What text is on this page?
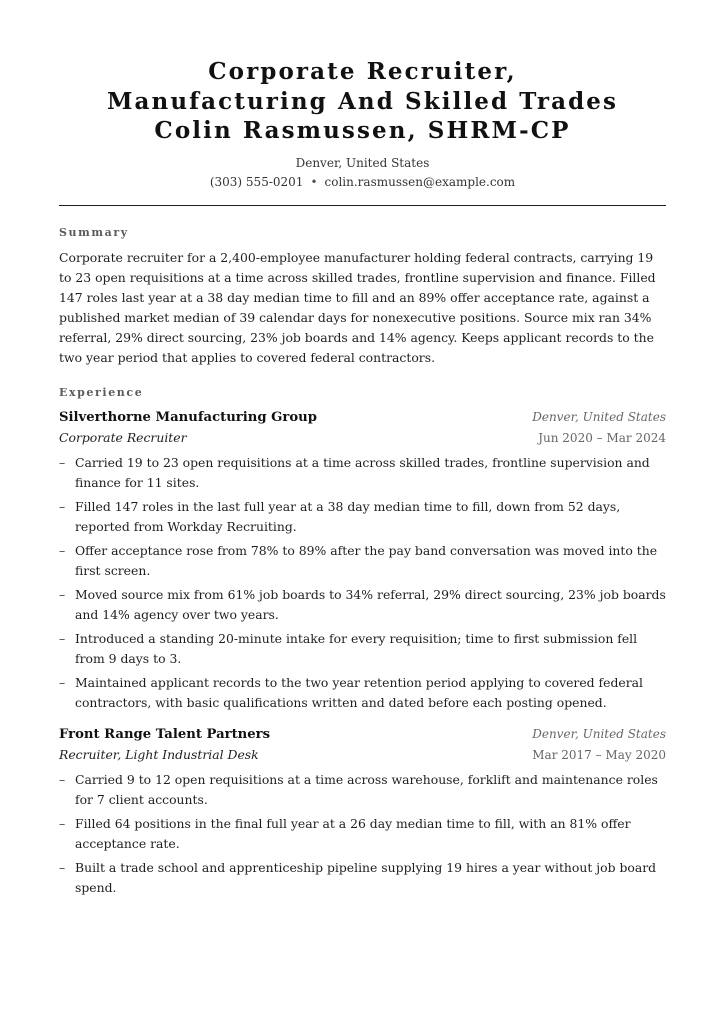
Corporate Recruiter,
Manufacturing And Skilled Trades
Colin Rasmussen, SHRM-CP
Denver, United States
(303) 555-0201 • colin.rasmussen@example.com
Summary
Corporate recruiter for a 2,400-employee manufacturer holding federal contracts, carrying 19 to 23 open requisitions at a time across skilled trades, frontline supervision and finance. Filled 147 roles last year at a 38 day median time to fill and an 89% offer acceptance rate, against a published market median of 39 calendar days for nonexecutive positions. Source mix ran 34% referral, 29% direct sourcing, 23% job boards and 14% agency. Keeps applicant records to the two year period that applies to covered federal contractors.
Experience
Silverthorne Manufacturing Group	Denver, United States
Corporate Recruiter	Jun 2020 – Mar 2024
– Carried 19 to 23 open requisitions at a time across skilled trades, frontline supervision and finance for 11 sites.
– Filled 147 roles in the last full year at a 38 day median time to fill, down from 52 days, reported from Workday Recruiting.
– Offer acceptance rose from 78% to 89% after the pay band conversation was moved into the first screen.
– Moved source mix from 61% job boards to 34% referral, 29% direct sourcing, 23% job boards and 14% agency over two years.
– Introduced a standing 20-minute intake for every requisition; time to first submission fell from 9 days to 3.
– Maintained applicant records to the two year retention period applying to covered federal contractors, with basic qualifications written and dated before each posting opened.
Front Range Talent Partners	Denver, United States
Recruiter, Light Industrial Desk	Mar 2017 – May 2020
– Carried 9 to 12 open requisitions at a time across warehouse, forklift and maintenance roles for 7 client accounts.
– Filled 64 positions in the final full year at a 26 day median time to fill, with an 81% offer acceptance rate.
– Built a trade school and apprenticeship pipeline supplying 19 hires a year without job board spend.
